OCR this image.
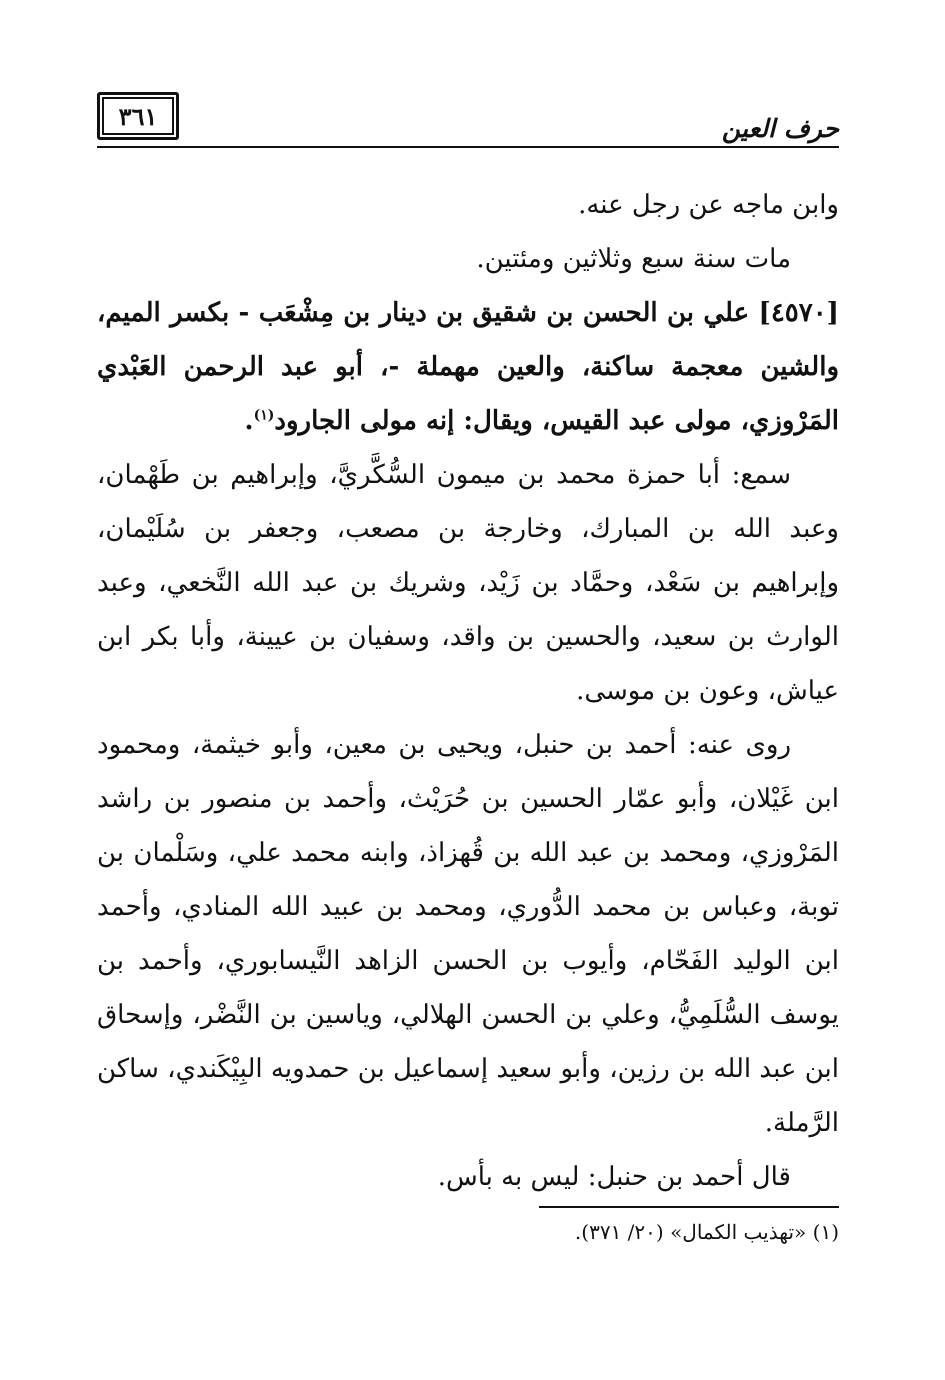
حرف العين
٣٦١

وابن ماجه عن رجل عنه.

مات سنة سبع وثلاثين ومئتين.

[٤٥٧٠] علي بن الحسن بن شقيق بن دينار بن مِشْعَب - بكسر الميم، والشين معجمة ساكنة، والعين مهملة -، أبو عبد الرحمن العَبْدي المَرْوزي، مولى عبد القيس، ويقال: إنه مولى الجارود$^{(١)}$.

سمع: أبا حمزة محمد بن ميمون السُّكَّريَّ، وإبراهيم بن طَهْمان، وعبد الله بن المبارك، وخارجة بن مصعب، وجعفر بن سُلَيْمان، وإبراهيم بن سَعْد، وحمَّاد بن زَيْد، وشريك بن عبد الله النَّخعي، وعبد الوارث بن سعيد، والحسين بن واقد، وسفيان بن عيينة، وأبا بكر ابن عياش، وعون بن موسى.

روى عنه: أحمد بن حنبل، ويحيى بن معين، وأبو خيثمة، ومحمود ابن غَيْلان، وأبو عمّار الحسين بن حُرَيْث، وأحمد بن منصور بن راشد المَرْوزي، ومحمد بن عبد الله بن قُهزاذ، وابنه محمد علي، وسَلْمان بن توبة، وعباس بن محمد الدُّوري، ومحمد بن عبيد الله المنادي، وأحمد ابن الوليد الفَحّام، وأيوب بن الحسن الزاهد النَّيسابوري، وأحمد بن يوسف السُّلَمِيُّ، وعلي بن الحسن الهلالي، وياسين بن النَّضْر، وإسحاق ابن عبد الله بن رزين، وأبو سعيد إسماعيل بن حمدويه البِيْكَندي، ساكن الرَّملة.

قال أحمد بن حنبل: ليس به بأس.

(١) «تهذيب الكمال» (٢٠/ ٣٧١).
